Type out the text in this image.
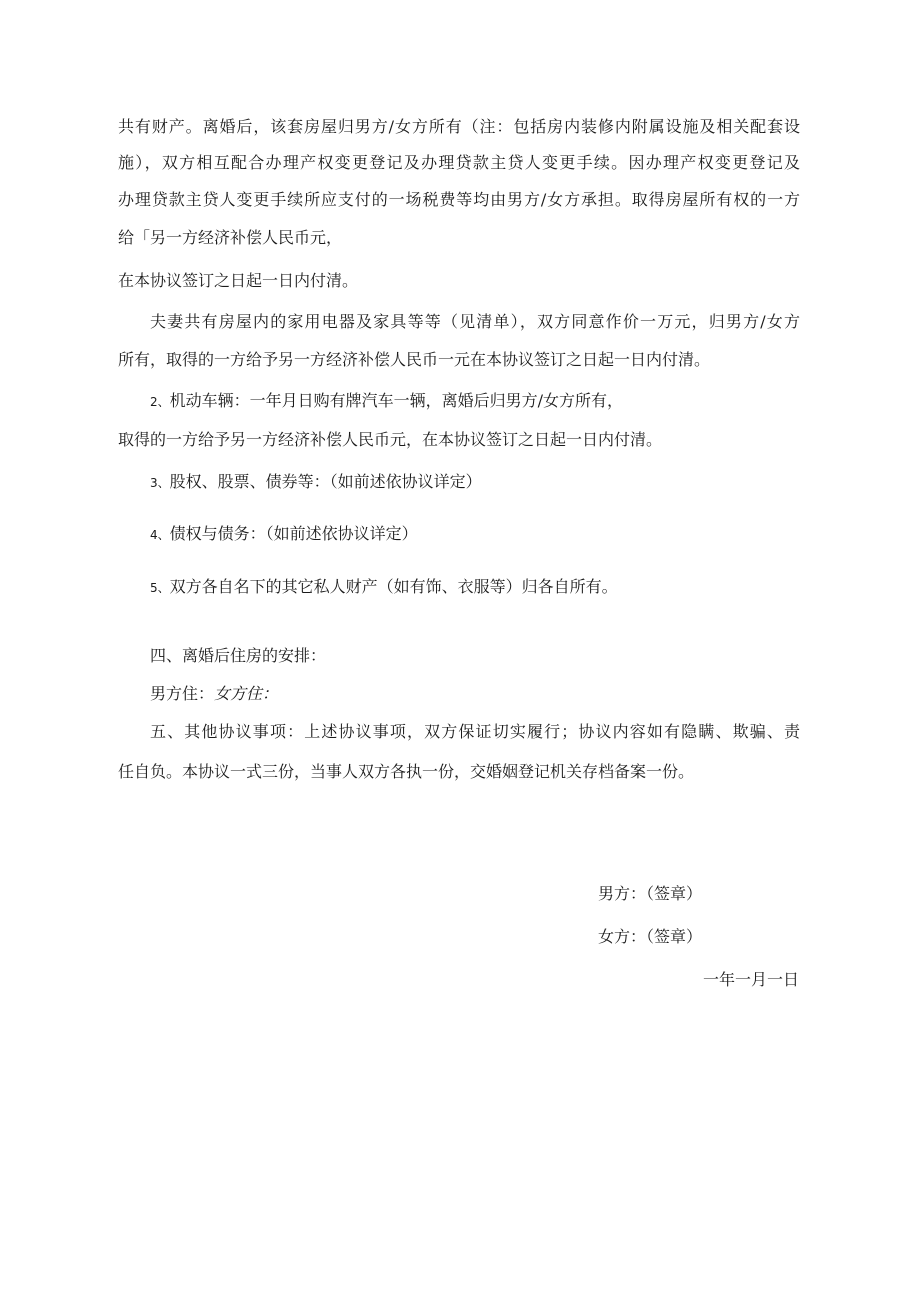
共有财产。离婚后，该套房屋归男方/女方所有（注：包括房内装修内附属设施及相关配套设
施），双方相互配合办理产权变更登记及办理贷款主贷人变更手续。因办理产权变更登记及
办理贷款主贷人变更手续所应支付的一场税费等均由男方/女方承担。取得房屋所有权的一方
给「另一方经济补偿人民币元，
在本协议签订之日起一日内付清。
夫妻共有房屋内的家用电器及家具等等（见清单），双方同意作价一万元，归男方/女方
所有，取得的一方给予另一方经济补偿人民币一元在本协议签订之日起一日内付清。
2、机动车辆：一年月日购有牌汽车一辆，离婚后归男方/女方所有，
取得的一方给予另一方经济补偿人民币元，在本协议签订之日起一日内付清。
3、股权、股票、债券等：（如前述依协议详定）
4、债权与债务：（如前述依协议详定）
5、双方各自名下的其它私人财产（如有饰、衣服等）归各自所有。
四、离婚后住房的安排：
男方住：女方住：
五、其他协议事项：上述协议事项，双方保证切实履行；协议内容如有隐瞒、欺骗、责
任自负。本协议一式三份，当事人双方各执一份，交婚姻登记机关存档备案一份。
男方：（签章）
女方：（签章）
一年一月一日
